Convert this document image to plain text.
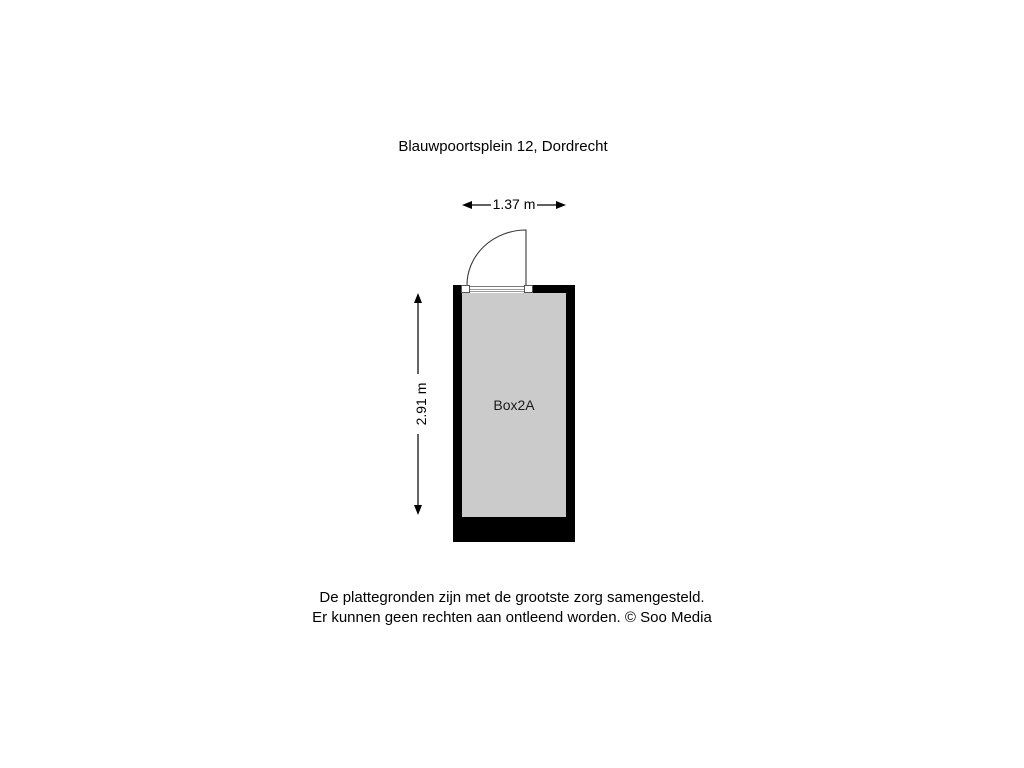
Blauwpoortsplein 12, Dordrecht
1.37 m
Box2A
2.91 m
De plattegronden zijn met de grootste zorg samengesteld.
Er kunnen geen rechten aan ontleend worden. © Soo Media
